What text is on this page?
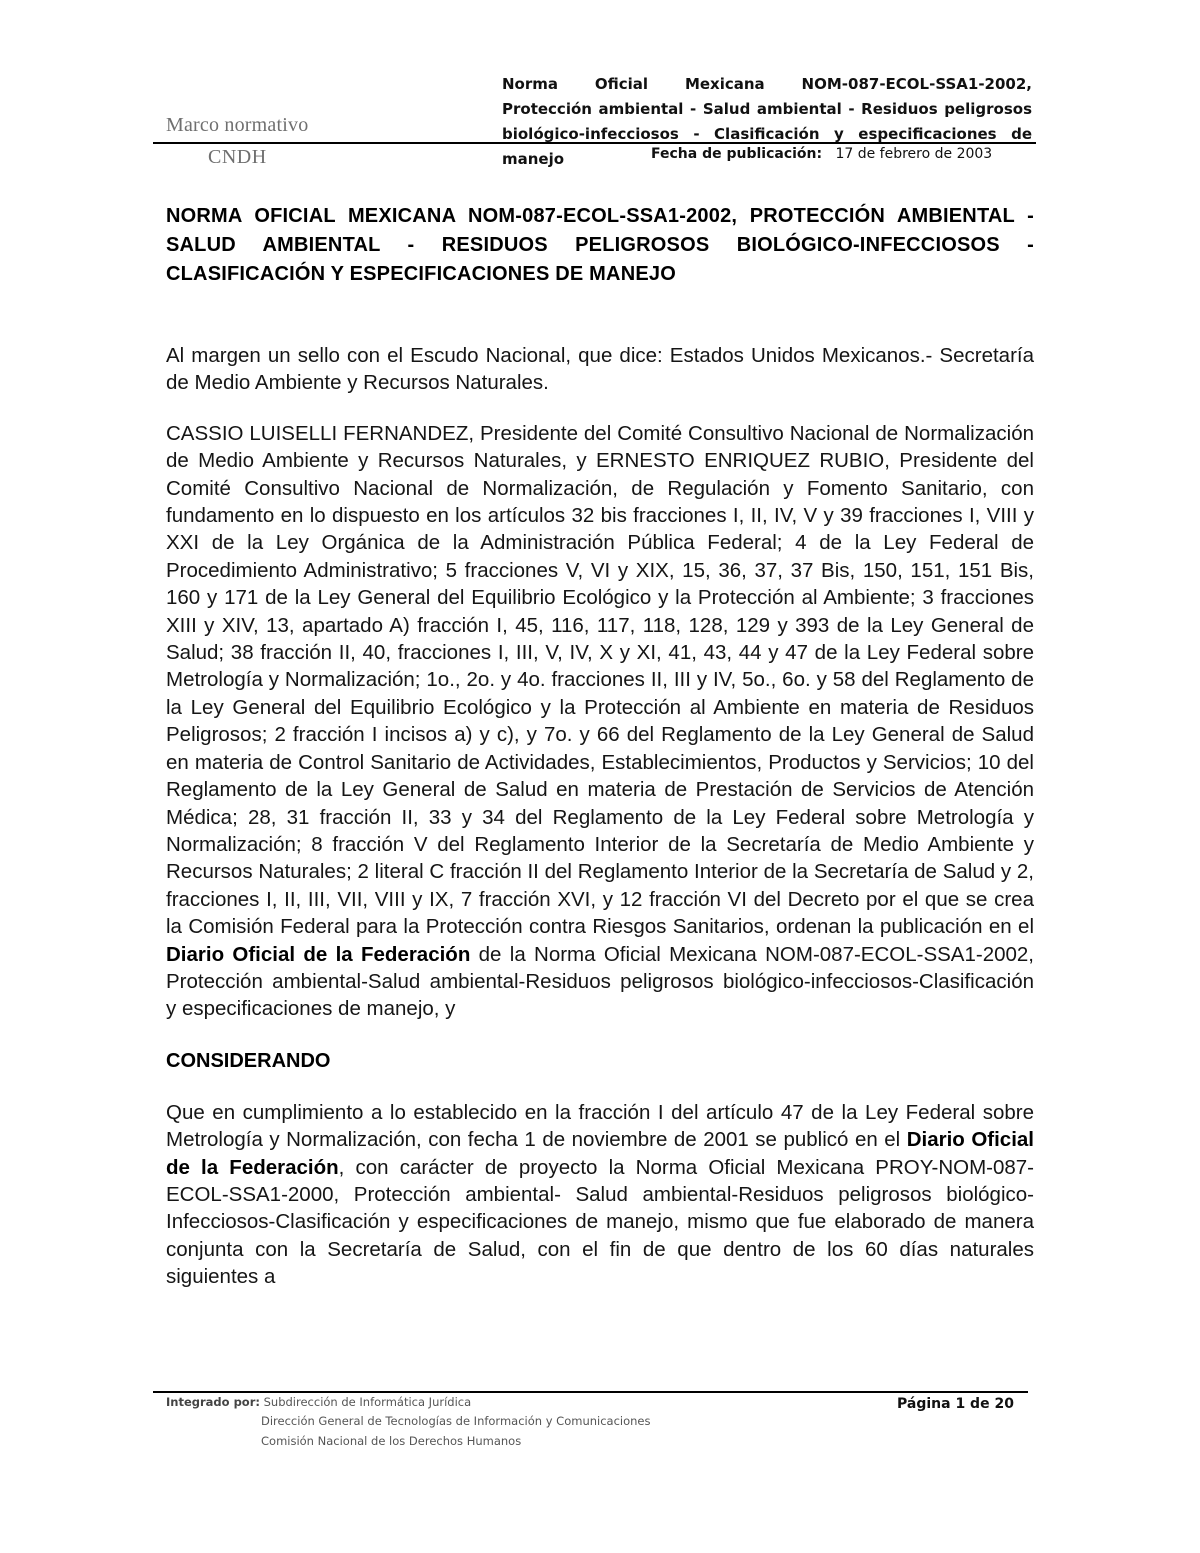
Norma Oficial Mexicana NOM-087-ECOL-SSA1-2002, Protección ambiental - Salud ambiental - Residuos peligrosos biológico-infecciosos - Clasificación y especificaciones de manejo
Marco normativo
CNDH	Fecha de publicación: 17 de febrero de 2003
NORMA OFICIAL MEXICANA NOM-087-ECOL-SSA1-2002, PROTECCIÓN AMBIENTAL - SALUD AMBIENTAL - RESIDUOS PELIGROSOS BIOLÓGICO-INFECCIOSOS - CLASIFICACIÓN Y ESPECIFICACIONES DE MANEJO

Al margen un sello con el Escudo Nacional, que dice: Estados Unidos Mexicanos.- Secretaría de Medio Ambiente y Recursos Naturales.

CASSIO LUISELLI FERNANDEZ, Presidente del Comité Consultivo Nacional de Normalización de Medio Ambiente y Recursos Naturales, y ERNESTO ENRIQUEZ RUBIO, Presidente del Comité Consultivo Nacional de Normalización, de Regulación y Fomento Sanitario, con fundamento en lo dispuesto en los artículos 32 bis fracciones I, II, IV, V y 39 fracciones I, VIII y XXI de la Ley Orgánica de la Administración Pública Federal; 4 de la Ley Federal de Procedimiento Administrativo; 5 fracciones V, VI y XIX, 15, 36, 37, 37 Bis, 150, 151, 151 Bis, 160 y 171 de la Ley General del Equilibrio Ecológico y la Protección al Ambiente; 3 fracciones XIII y XIV, 13, apartado A) fracción I, 45, 116, 117, 118, 128, 129 y 393 de la Ley General de Salud; 38 fracción II, 40, fracciones I, III, V, IV, X y XI, 41, 43, 44 y 47 de la Ley Federal sobre Metrología y Normalización; 1o., 2o. y 4o. fracciones II, III y IV, 5o., 6o. y 58 del Reglamento de la Ley General del Equilibrio Ecológico y la Protección al Ambiente en materia de Residuos Peligrosos; 2 fracción I incisos a) y c), y 7o. y 66 del Reglamento de la Ley General de Salud en materia de Control Sanitario de Actividades, Establecimientos, Productos y Servicios; 10 del Reglamento de la Ley General de Salud en materia de Prestación de Servicios de Atención Médica; 28, 31 fracción II, 33 y 34 del Reglamento de la Ley Federal sobre Metrología y Normalización; 8 fracción V del Reglamento Interior de la Secretaría de Medio Ambiente y Recursos Naturales; 2 literal C fracción II del Reglamento Interior de la Secretaría de Salud y 2, fracciones I, II, III, VII, VIII y IX, 7 fracción XVI, y 12 fracción VI del Decreto por el que se crea la Comisión Federal para la Protección contra Riesgos Sanitarios, ordenan la publicación en el Diario Oficial de la Federación de la Norma Oficial Mexicana NOM-087-ECOL-SSA1-2002, Protección ambiental-Salud ambiental-Residuos peligrosos biológico-infecciosos-Clasificación y especificaciones de manejo, y

CONSIDERANDO

Que en cumplimiento a lo establecido en la fracción I del artículo 47 de la Ley Federal sobre Metrología y Normalización, con fecha 1 de noviembre de 2001 se publicó en el Diario Oficial de la Federación, con carácter de proyecto la Norma Oficial Mexicana PROY-NOM-087-ECOL-SSA1-2000, Protección ambiental- Salud ambiental-Residuos peligrosos biológico-Infecciosos-Clasificación y especificaciones de manejo, mismo que fue elaborado de manera conjunta con la Secretaría de Salud, con el fin de que dentro de los 60 días naturales siguientes a

Integrado por: Subdirección de Informática Jurídica	Página 1 de 20
Dirección General de Tecnologías de Información y Comunicaciones
Comisión Nacional de los Derechos Humanos
